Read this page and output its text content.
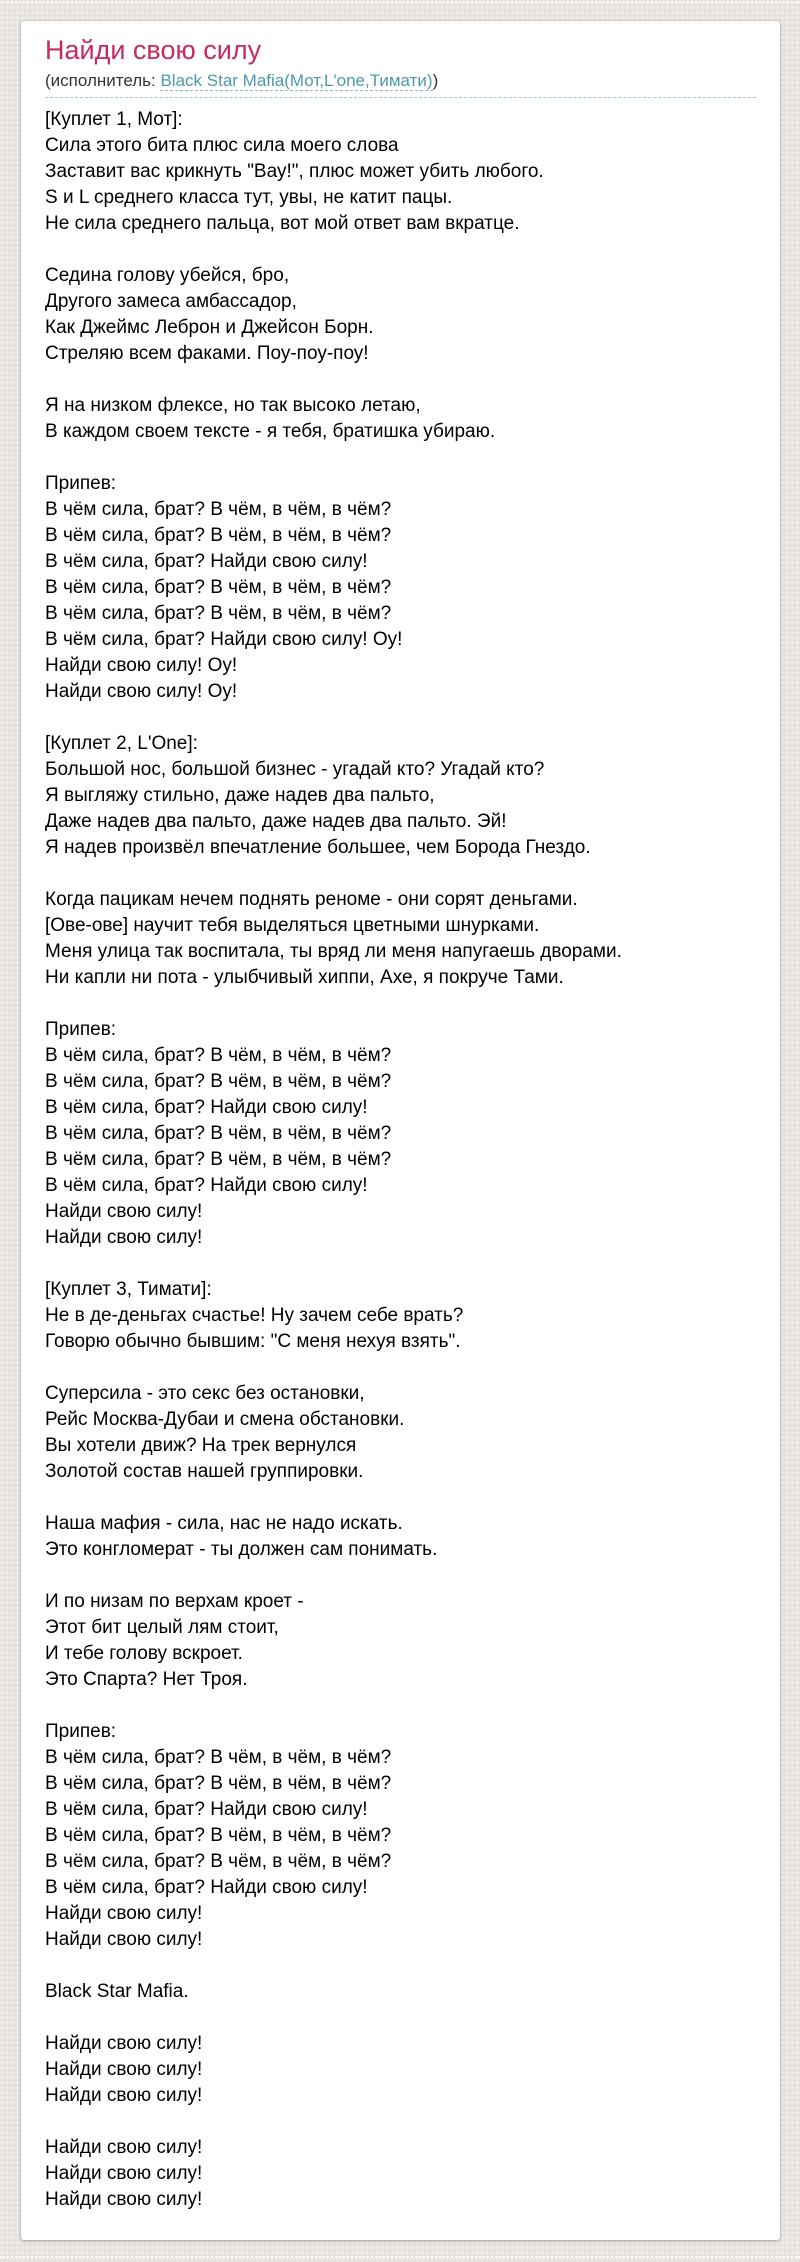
Найди свою силу
(исполнитель: Black Star Mafia(Мот,L'one,Тимати))
[Куплет 1, Мот]:
Сила этого бита плюс сила моего слова
Заставит вас крикнуть "Вау!", плюс может убить любого.
S и L среднего класса тут, увы, не катит пацы.
Не сила среднего пальца, вот мой ответ вам вкратце.

Седина голову убейся, бро,
Другого замеса амбассадор,
Как Джеймс Леброн и Джейсон Борн.
Стреляю всем факами. Поу-поу-поу!

Я на низком флексе, но так высоко летаю,
В каждом своем тексте - я тебя, братишка убираю.

Припев:
В чём сила, брат? В чём, в чём, в чём?
В чём сила, брат? В чём, в чём, в чём?
В чём сила, брат? Найди свою силу!
В чём сила, брат? В чём, в чём, в чём?
В чём сила, брат? В чём, в чём, в чём?
В чём сила, брат? Найди свою силу! Оу!
Найди свою силу! Оу!
Найди свою силу! Оу!

[Куплет 2, L'One]:
Большой нос, большой бизнес - угадай кто? Угадай кто?
Я выгляжу стильно, даже надев два пальто,
Даже надев два пальто, даже надев два пальто. Эй!
Я надев произвёл впечатление большее, чем Борода Гнездо.

Когда пацикам нечем поднять реноме - они сорят деньгами.
[Ове-ове] научит тебя выделяться цветными шнурками.
Меня улица так воспитала, ты вряд ли меня напугаешь дворами.
Ни капли ни пота - улыбчивый хиппи, Ахе, я покруче Тами.

Припев:
В чём сила, брат? В чём, в чём, в чём?
В чём сила, брат? В чём, в чём, в чём?
В чём сила, брат? Найди свою силу!
В чём сила, брат? В чём, в чём, в чём?
В чём сила, брат? В чём, в чём, в чём?
В чём сила, брат? Найди свою силу!
Найди свою силу!
Найди свою силу!

[Куплет 3, Тимати]:
Не в де-деньгах счастье! Ну зачем себе врать?
Говорю обычно бывшим: "С меня нехуя взять".

Суперсила - это секс без остановки,
Рейс Москва-Дубаи и смена обстановки.
Вы хотели движ? На трек вернулся
Золотой состав нашей группировки.

Наша мафия - сила, нас не надо искать.
Это конгломерат - ты должен сам понимать.

И по низам по верхам кроет -
Этот бит целый лям стоит,
И тебе голову вскроет.
Это Спарта? Нет Троя.

Припев:
В чём сила, брат? В чём, в чём, в чём?
В чём сила, брат? В чём, в чём, в чём?
В чём сила, брат? Найди свою силу!
В чём сила, брат? В чём, в чём, в чём?
В чём сила, брат? В чём, в чём, в чём?
В чём сила, брат? Найди свою силу!
Найди свою силу!
Найди свою силу!

Black Star Mafia.

Найди свою силу!
Найди свою силу!
Найди свою силу!

Найди свою силу!
Найди свою силу!
Найди свою силу!
